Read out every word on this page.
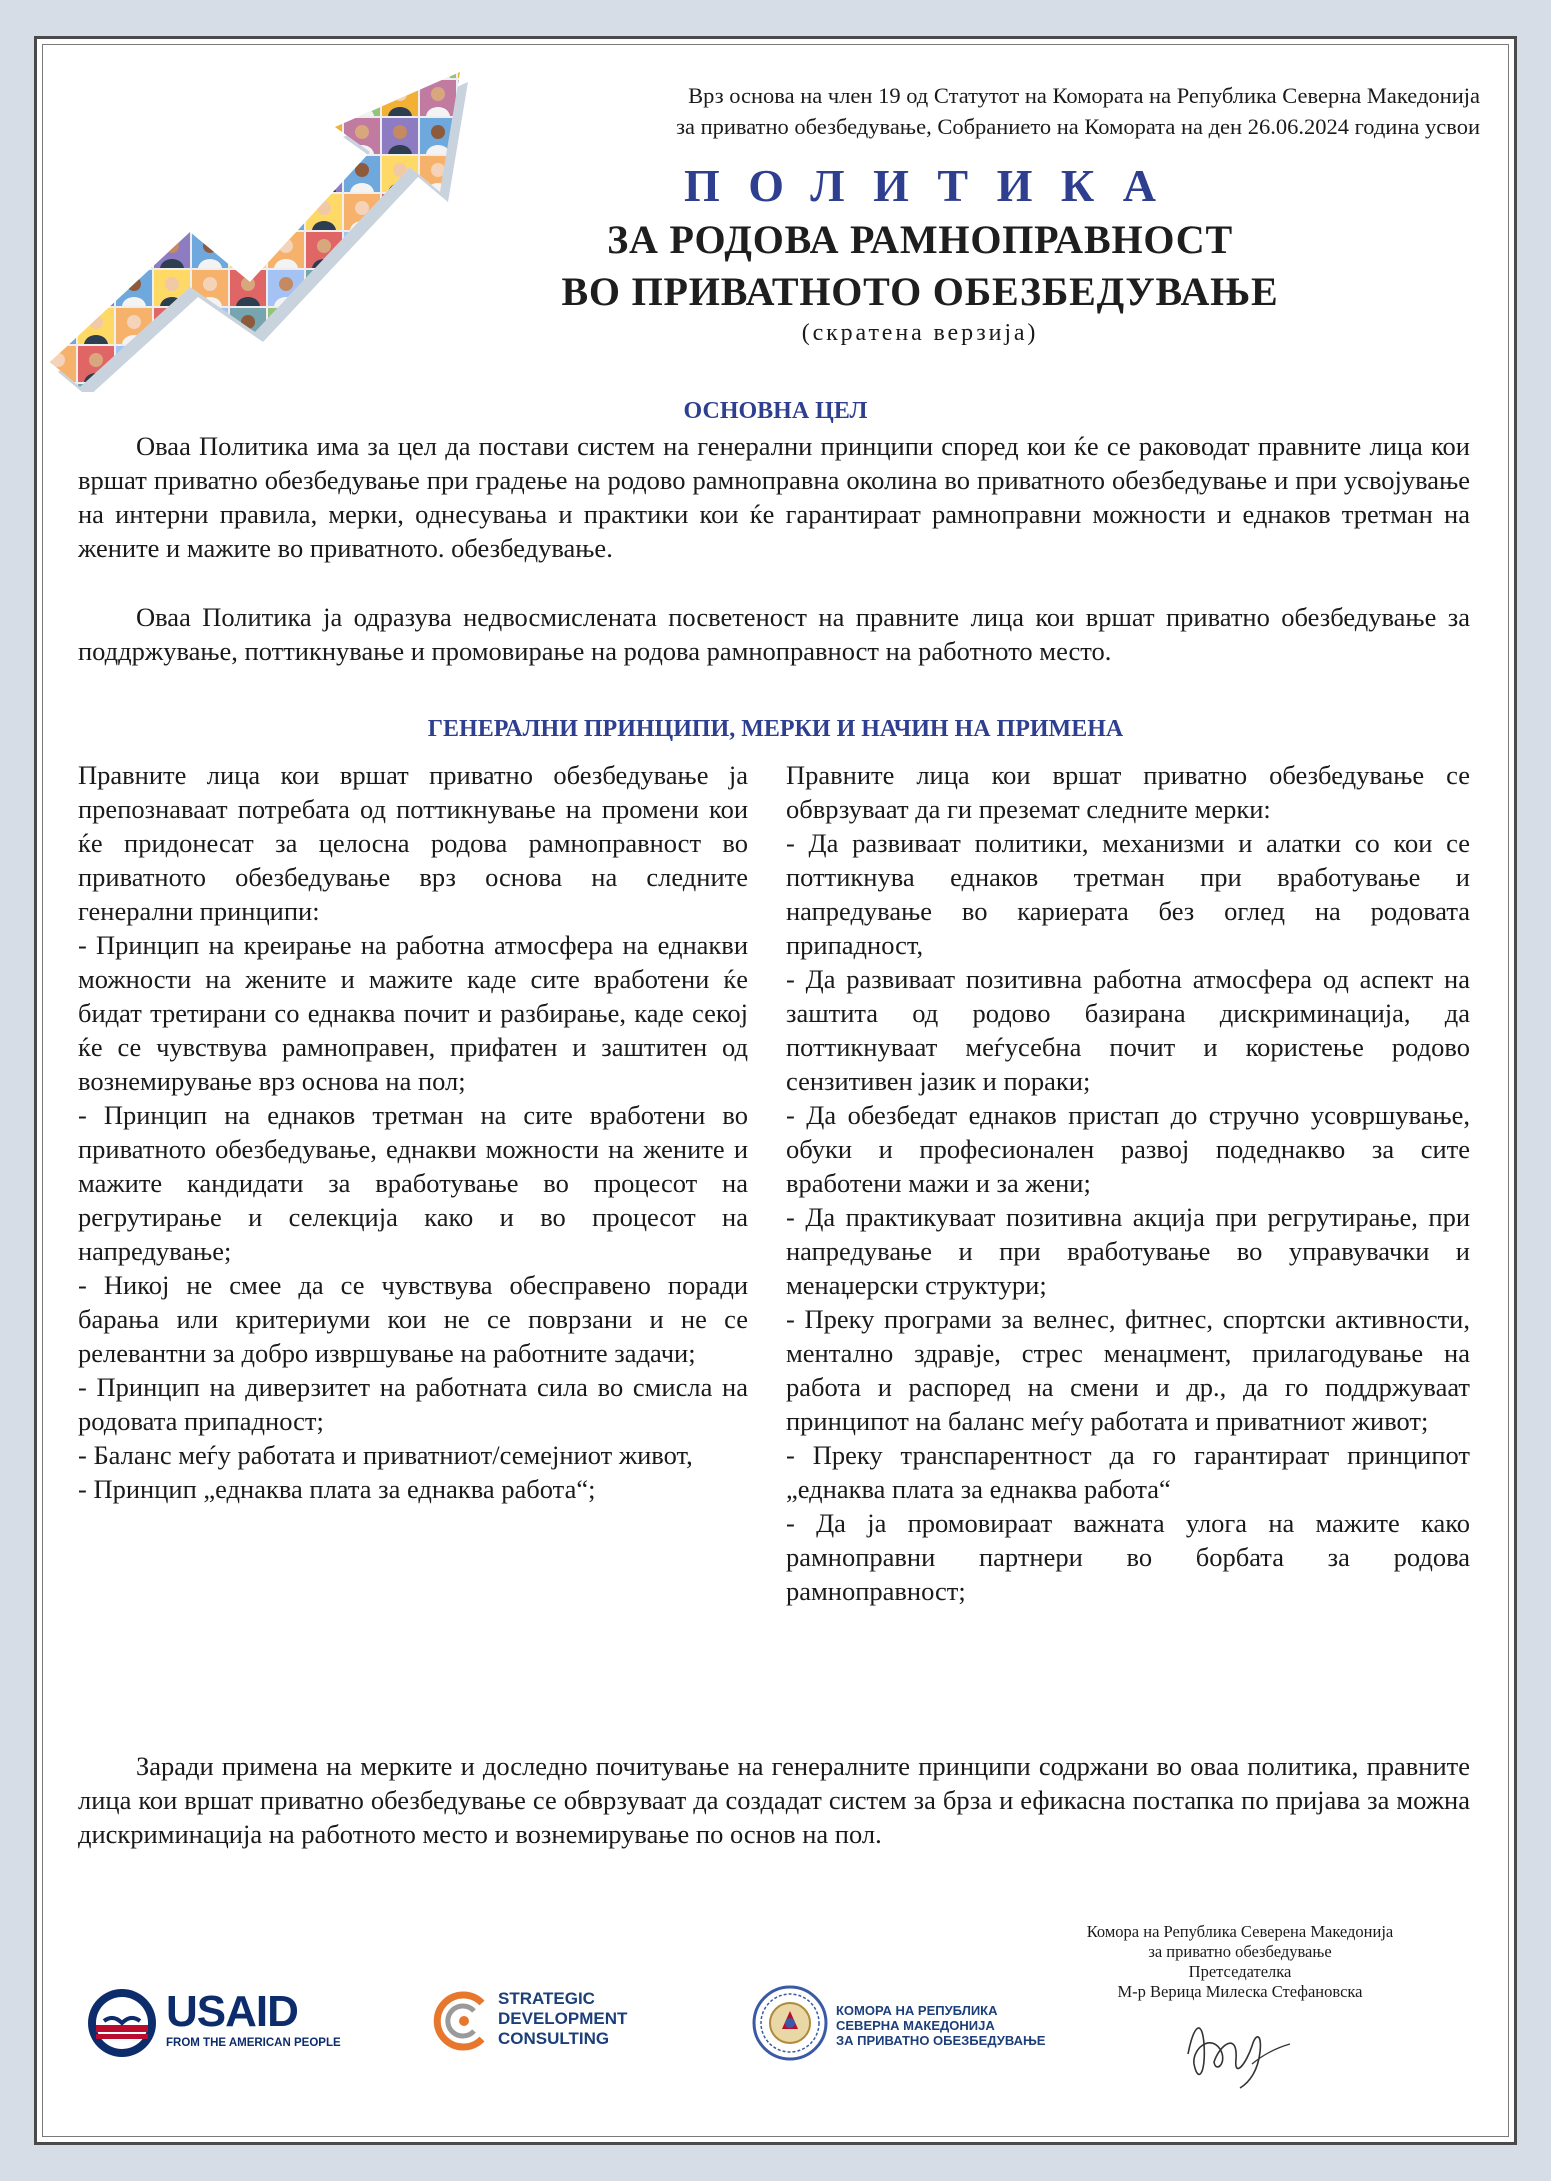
Врз основа на член 19 од Статутот на Комората на Република Северна Македонија
за приватно обезбедување, Собранието на Комората на ден 26.06.2024 година усвои
ПОЛИТИКА
ЗА РОДОВА РАМНОПРАВНОСТ
ВО ПРИВАТНОТО ОБЕЗБЕДУВАЊЕ
(скратена верзија)
ОСНОВНА ЦЕЛ
Оваа Политика има за цел да постави систем на генерални принципи според кои ќе се раководат правните лица кои вршат приватно обезбедување при градење на родово рамноправна околина во приватното обезбедување и при усвојување на интерни правила, мерки, однесувања и практики кои ќе гарантираат рамноправни можности и еднаков третман на жените и мажите во приватното. обезбедување.
Оваа Политика ја одразува недвосмислената посветеност на правните лица кои вршат приватно обезбедување за поддржување, поттикнување и промовирање на родова рамноправност на работното место.
ГЕНЕРАЛНИ ПРИНЦИПИ, МЕРКИ И НАЧИН НА ПРИМЕНА

Правните лица кои вршат приватно обезбедување ја препознаваат потребата од поттикнување на промени кои ќе придонесат за целосна родова рамноправност во приватното обезбедување врз основа на следните генерални принципи:

- Принцип на креирање на работна атмосфера на еднакви можности на жените и мажите каде сите вработени ќе бидат третирани со еднаква почит и разбирање, каде секој ќе се чувствува рамноправен, прифатен и заштитен од вознемирување врз основа на пол;

- Принцип на еднаков третман на сите вработени во приватното обезбедување, еднакви можности на жените и мажите кандидати за вработување во процесот на регрутирање и селекција како и во процесот на напредување;

- Никој не смее да се чувствува обесправено поради барања или критериуми кои не се поврзани и не се релевантни за добро извршување на работните задачи;

- Принцип на диверзитет на работната сила во смисла на родовата припадност;

- Баланс меѓу работата и приватниот/семејниот живот,

- Принцип „еднаква плата за еднаква работа“;

Правните лица кои вршат приватно обезбедување се обврзуваат да ги преземат следните мерки:

- Да развиваат политики, механизми и алатки со кои се поттикнува еднаков третман при вработување и напредување во кариерата без оглед на родовата припадност,

- Да развиваат позитивна работна атмосфера од аспект на заштита од родово базирана дискриминација, да поттикнуваат меѓусебна почит и користење родово сензитивен јазик и пораки;

- Да обезбедат еднаков пристап до стручно усовршување, обуки и професионален развој подеднакво за сите вработени мажи и за жени;

- Да практикуваат позитивна акција при регрутирање, при напредување и при вработување во управувачки и менаџерски структури;

- Преку програми за велнес, фитнес, спортски активности, ментално здравје, стрес менаџмент, прилагодување на работа и распоред на смени и др., да го поддржуваат принципот на баланс меѓу работата и приватниот живот;

- Преку транспарентност да го гарантираат принципот „еднаква плата за еднаква работа“

- Да ја промовираат важната улога на мажите како рамноправни партнери во борбата за родова рамноправност;

Заради примена на мерките и доследно почитување на генералните принципи содржани во оваа политика, правните лица кои вршат приватно обезбедување се обврзуваат да создадат систем за брза и ефикасна постапка по пријава за можна дискриминација на работното место и вознемирување по основ на пол.
Комора на Република Северена Македонија
за приватно обезбедување
Претседателка
М-р Верица Милеска Стефановска
USAID
FROM THE AMERICAN PEOPLE
STRATEGIC
DEVELOPMENT
CONSULTING
КОМОРА НА РЕПУБЛИКА
СЕВЕРНА МАКЕДОНИЈА
ЗА ПРИВАТНО ОБЕЗБЕДУВАЊЕ
